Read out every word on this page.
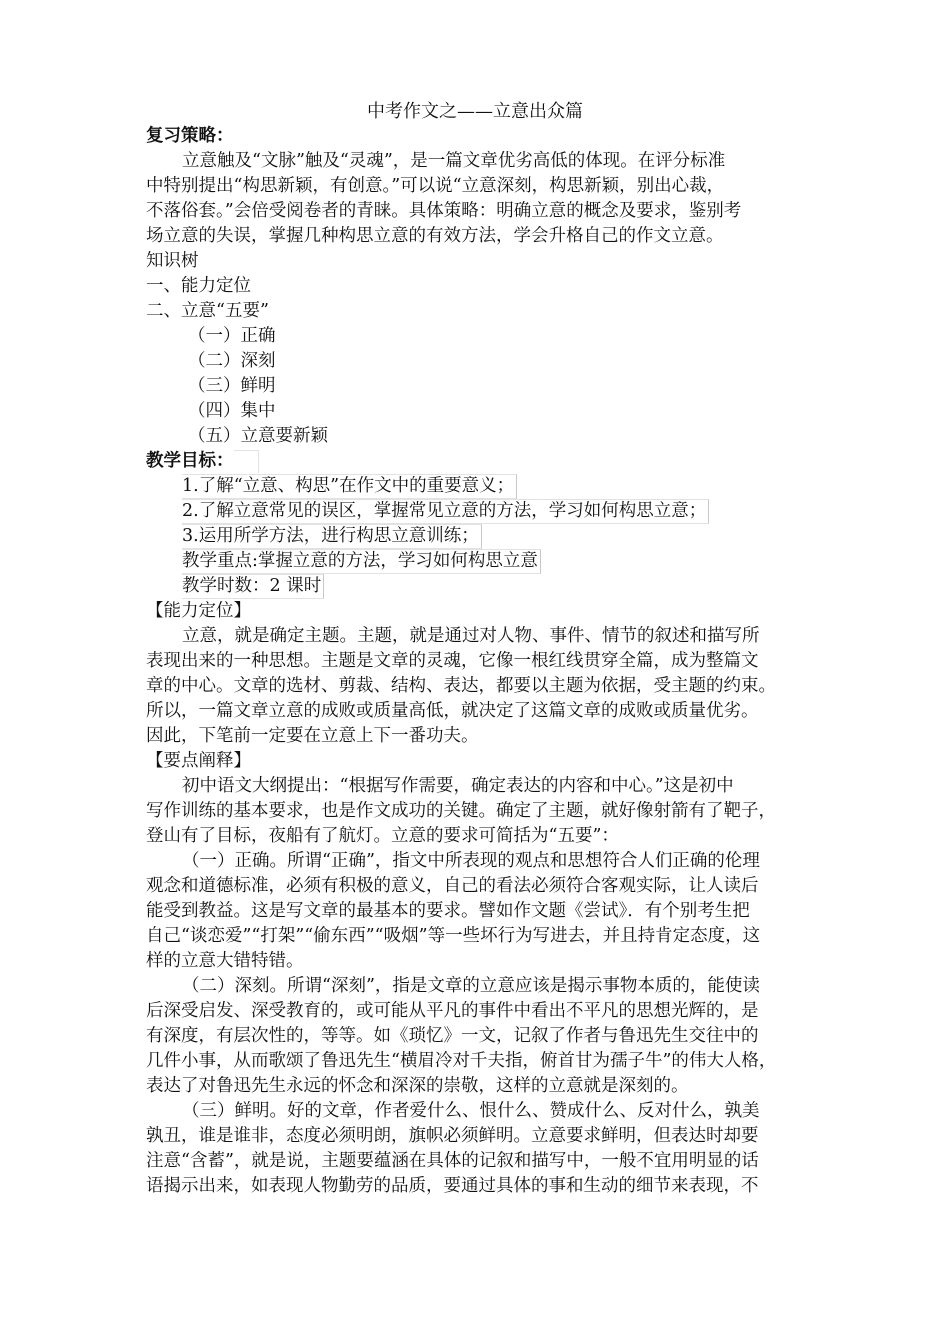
中考作文之——立意出众篇
复习策略：
立意触及“文脉”触及“灵魂”，是一篇文章优劣高低的体现。在评分标准
中特别提出“构思新颖，有创意。”可以说“立意深刻，构思新颖，别出心裁，
不落俗套。”会倍受阅卷者的青睐。具体策略：明确立意的概念及要求，鉴别考
场立意的失误，掌握几种构思立意的有效方法，学会升格自己的作文立意。
知识树
一、能力定位
二、立意“五要”
（一）正确
（二）深刻
（三）鲜明
（四）集中
（五）立意要新颖
教学目标：
1.了解“立意、构思”在作文中的重要意义；
2.了解立意常见的误区，掌握常见立意的方法，学习如何构思立意；
3.运用所学方法，进行构思立意训练；
教学重点:掌握立意的方法，学习如何构思立意
教学时数：2 课时
【能力定位】
立意，就是确定主题。主题，就是通过对人物、事件、情节的叙述和描写所
表现出来的一种思想。主题是文章的灵魂，它像一根红线贯穿全篇，成为整篇文
章的中心。文章的选材、剪裁、结构、表达，都要以主题为依据，受主题的约束。
所以，一篇文章立意的成败或质量高低，就决定了这篇文章的成败或质量优劣。
因此，下笔前一定要在立意上下一番功夫。
【要点阐释】
初中语文大纲提出：“根据写作需要，确定表达的内容和中心。”这是初中
写作训练的基本要求，也是作文成功的关键。确定了主题，就好像射箭有了靶子，
登山有了目标，夜船有了航灯。立意的要求可简括为“五要”：
（一）正确。所谓“正确”，指文中所表现的观点和思想符合人们正确的伦理
观念和道德标准，必须有积极的意义，自己的看法必须符合客观实际，让人读后
能受到教益。这是写文章的最基本的要求。譬如作文题《尝试》．有个别考生把
自己“谈恋爱”“打架”“偷东西”“吸烟”等一些坏行为写进去，并且持肯定态度，这
样的立意大错特错。
（二）深刻。所谓“深刻”，指是文章的立意应该是揭示事物本质的，能使读
后深受启发、深受教育的，或可能从平凡的事件中看出不平凡的思想光辉的，是
有深度，有层次性的，等等。如《琐忆》一文，记叙了作者与鲁迅先生交往中的
几件小事，从而歌颂了鲁迅先生“横眉冷对千夫指，俯首甘为孺子牛”的伟大人格，
表达了对鲁迅先生永远的怀念和深深的崇敬，这样的立意就是深刻的。
（三）鲜明。好的文章，作者爱什么、恨什么、赞成什么、反对什么，孰美
孰丑，谁是谁非，态度必须明朗，旗帜必须鲜明。立意要求鲜明，但表达时却要
注意“含蓄”，就是说，主题要蕴涵在具体的记叙和描写中，一般不宜用明显的话
语揭示出来，如表现人物勤劳的品质，要通过具体的事和生动的细节来表现，不
